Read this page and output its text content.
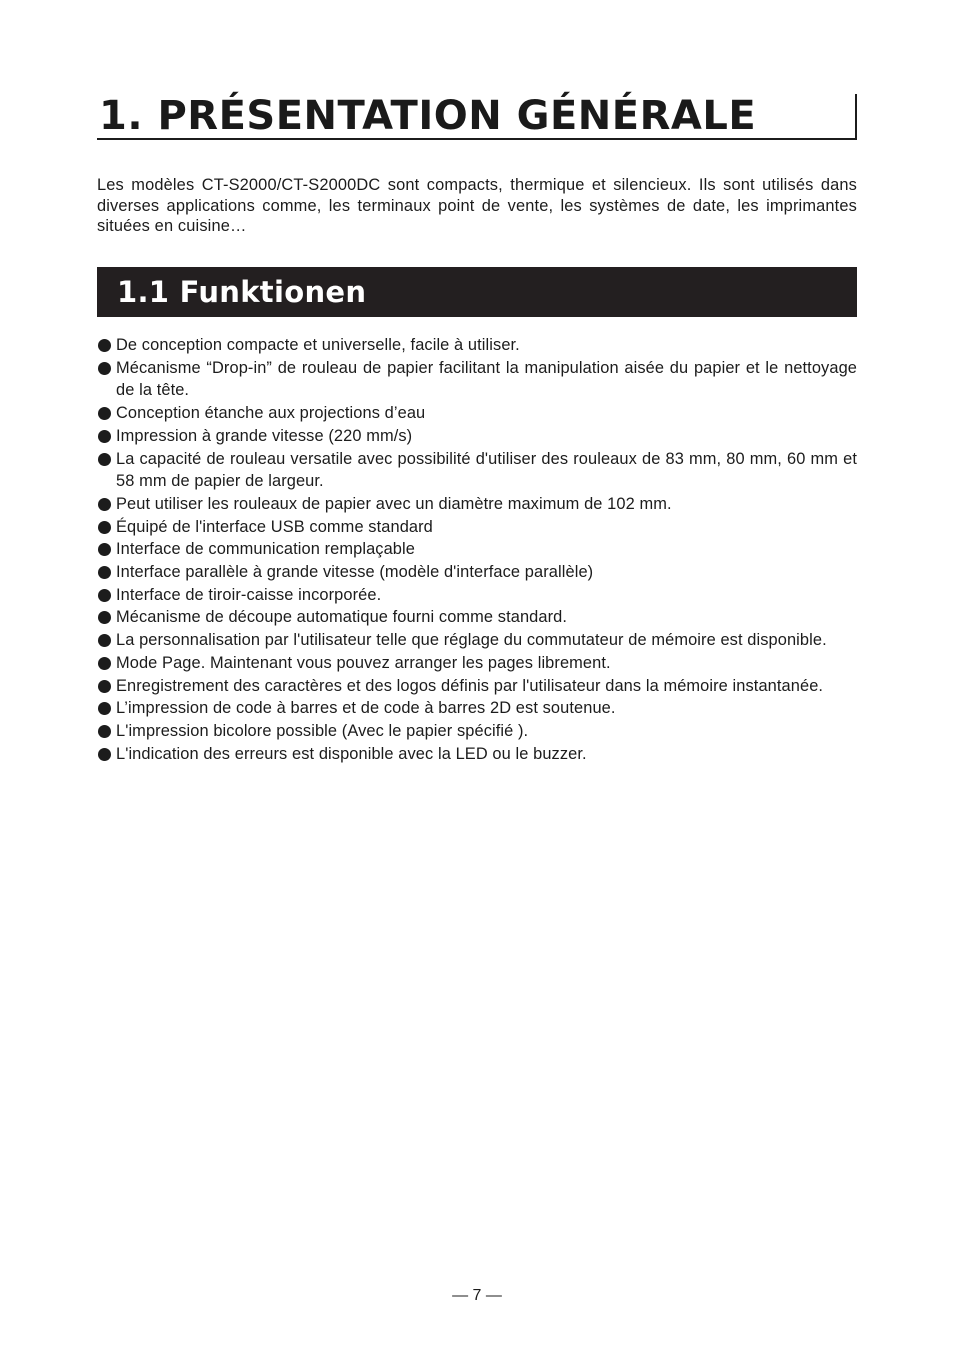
1. PRÉSENTATION GÉNÉRALE

Les modèles CT-S2000/CT-S2000DC sont compacts, thermique et silencieux. Ils sont utilisés dans diverses applications comme, les terminaux point de vente, les systèmes de date, les imprimantes situées en cuisine…

1.1 Funktionen
De conception compacte et universelle, facile à utiliser.
Mécanisme “Drop-in” de rouleau de papier facilitant la manipulation aisée du papier et le nettoyage de la tête.
Conception étanche aux projections d’eau
Impression à grande vitesse (220 mm/s)
La capacité de rouleau versatile avec possibilité d'utiliser des rouleaux de 83 mm, 80 mm, 60 mm et 58 mm de papier de largeur.
Peut utiliser les rouleaux de papier avec un diamètre maximum de 102 mm.
Équipé de l'interface USB comme standard
Interface de communication remplaçable
Interface parallèle à grande vitesse (modèle d'interface parallèle)
Interface de tiroir-caisse incorporée.
Mécanisme de découpe automatique fourni comme standard.
La personnalisation par l'utilisateur telle que réglage du commutateur de mémoire est disponible.
Mode Page. Maintenant vous pouvez arranger les pages librement.
Enregistrement des caractères et des logos définis par l'utilisateur dans la mémoire instantanée.
L’impression de code à barres et de code à barres 2D est soutenue.
L'impression bicolore possible (Avec le papier spécifié ).
L'indication des erreurs est disponible avec la LED ou le buzzer.
— 7 —
